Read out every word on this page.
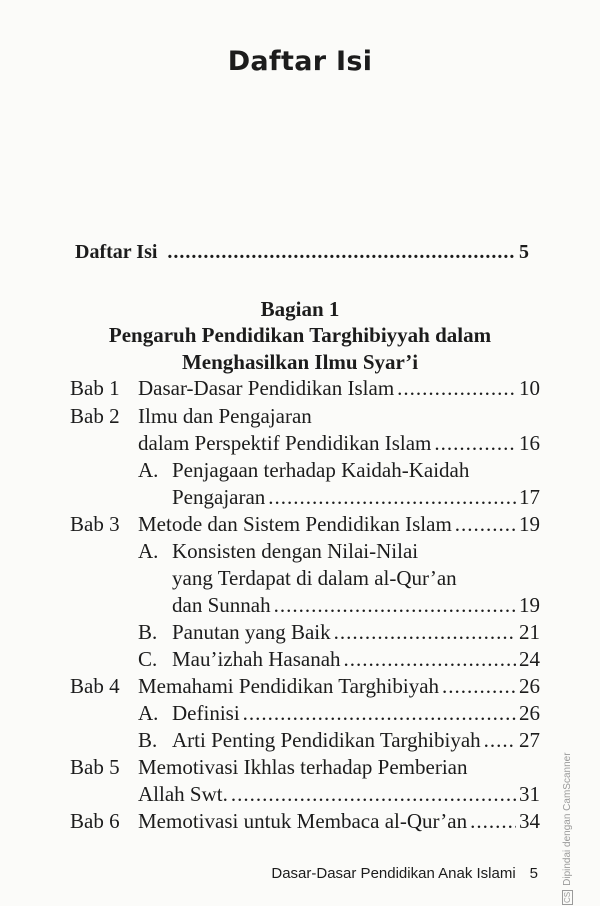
Daftar Isi
Daftar Isi .....	5
Bagian 1
Pengaruh Pendidikan Targhibiyyah dalam
Menghasilkan Ilmu Syar’i
Bab 1 Dasar-Dasar Pendidikan Islam .....	10
Bab 2 Ilmu dan Pengajaran
dalam Perspektif Pendidikan Islam .....	16
A. Penjagaan terhadap Kaidah-Kaidah
Pengajaran .....	17
Bab 3 Metode dan Sistem Pendidikan Islam .....	19
A. Konsisten dengan Nilai-Nilai
yang Terdapat di dalam al-Qur’an
dan Sunnah .....	19
B. Panutan yang Baik .....	21
C. Mau’izhah Hasanah .....	24
Bab 4 Memahami Pendidikan Targhibiyah .....	26
A. Definisi .....	26
B. Arti Penting Pendidikan Targhibiyah ..... 27
Bab 5 Memotivasi Ikhlas terhadap Pemberian
Allah Swt. .....	31
Bab 6 Memotivasi untuk Membaca al-Qur’an ..... 34
Dasar-Dasar Pendidikan Anak Islami 5
CSDipindai dengan CamScanner
